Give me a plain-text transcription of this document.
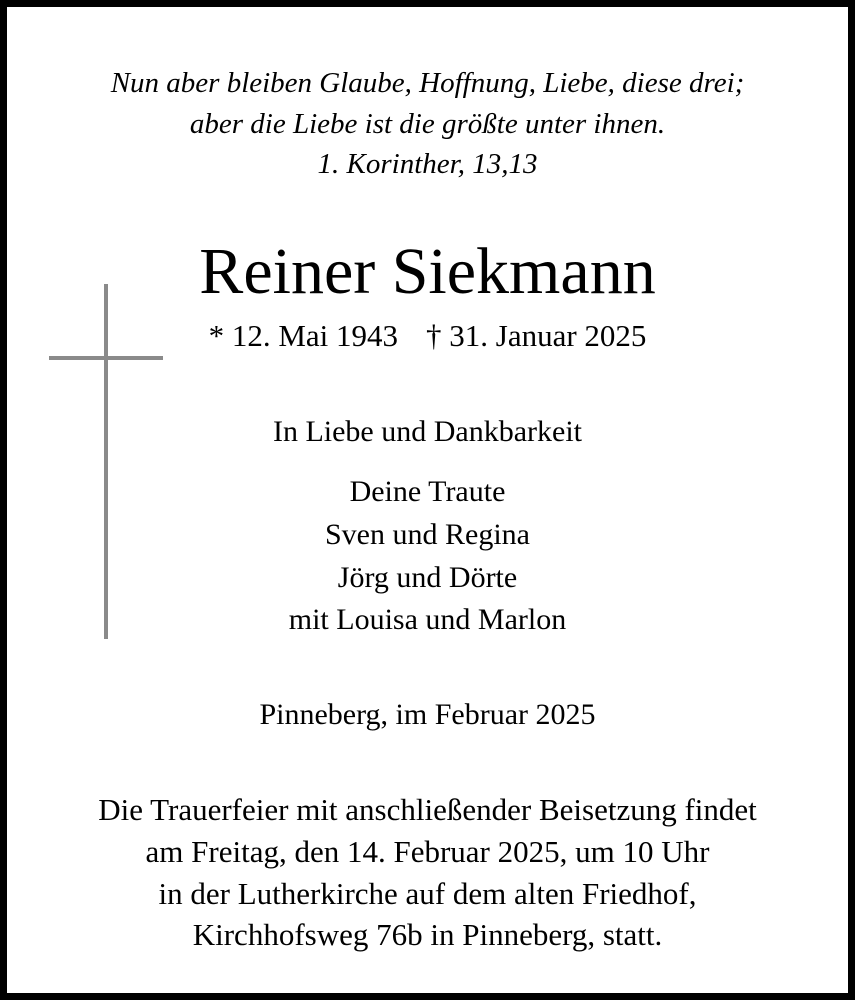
Nun aber bleiben Glaube, Hoffnung, Liebe, diese drei;
aber die Liebe ist die größte unter ihnen.
1. Korinther, 13,13
Reiner Siekmann
* 12. Mai 1943 † 31. Januar 2025
In Liebe und Dankbarkeit
Deine Traute
Sven und Regina
Jörg und Dörte
mit Louisa und Marlon
Pinneberg, im Februar 2025
Die Trauerfeier mit anschließender Beisetzung findet
am Freitag, den 14. Februar 2025, um 10 Uhr
in der Lutherkirche auf dem alten Friedhof,
Kirchhofsweg 76b in Pinneberg, statt.
